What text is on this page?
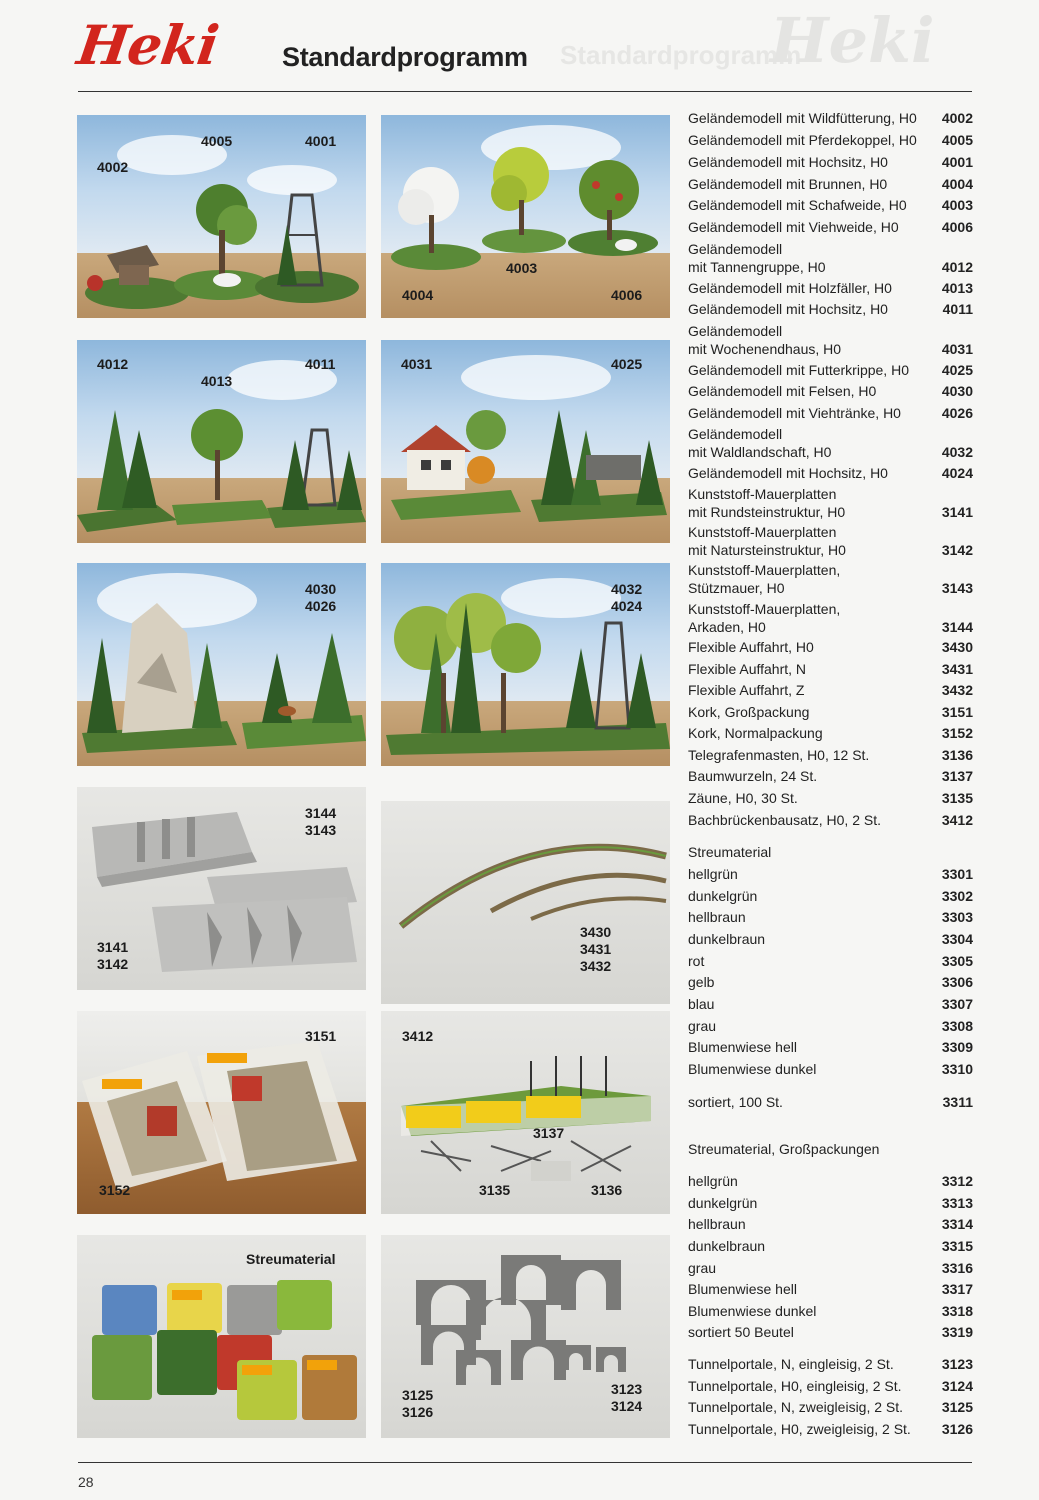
Standardprogramm
Heki
Heki Standardprogramm
4002
4005	4001
4003
4004	4006
4012
4013
4011	4031	4025
4030
4026
4032
4024
3144
3143
3141
3142
3430
3431
3432
3151
3152
3412
3137
3135	3136
Streumaterial
3125
3126
3123
3124
Geländemodell mit Wildfütterung, H0 4002
Geländemodell mit Pferdekoppel, H0 4005
Geländemodell mit Hochsitz, H0	4001
Geländemodell mit Brunnen, H0	4004
Geländemodell mit Schafweide, H0	4003
Geländemodell mit Viehweide, H0	4006
Geländemodell
mit Tannengruppe, H0	4012
Geländemodell mit Holzfäller, H0	4013
Geländemodell mit Hochsitz, H0	4011
Geländemodell
mit Wochenendhaus, H0	4031
Geländemodell mit Futterkrippe, H0 4025
Geländemodell mit Felsen, H0	4030
Geländemodell mit Viehtränke, H0	4026
Geländemodell
mit Waldlandschaft, H0	4032
Geländemodell mit Hochsitz, H0	4024
Kunststoff-Mauerplatten
mit Rundsteinstruktur, H0	3141
Kunststoff-Mauerplatten
mit Natursteinstruktur, H0	3142
Kunststoff-Mauerplatten,
Stützmauer, H0	3143
Kunststoff-Mauerplatten,
Arkaden, H0	3144
Flexible Auffahrt, H0	3430
Flexible Auffahrt, N	3431
Flexible Auffahrt, Z	3432
Kork, Großpackung	3151
Kork, Normalpackung	3152
Telegrafenmasten, H0, 12 St.	3136
Baumwurzeln, 24 St.	3137
Zäune, H0, 30 St.	3135
Bachbrückenbausatz, H0, 2 St.	3412
Streumaterial
hellgrün	3301
dunkelgrün	3302
hellbraun	3303
dunkelbraun	3304
rot	3305
gelb	3306
blau	3307
grau	3308
Blumenwiese hell	3309
Blumenwiese dunkel	3310
sortiert, 100 St.	3311
Streumaterial, Großpackungen
hellgrün	3312
dunkelgrün	3313
hellbraun	3314
dunkelbraun	3315
grau	3316
Blumenwiese hell	3317
Blumenwiese dunkel	3318
sortiert 50 Beutel	3319
Tunnelportale, N, eingleisig, 2 St.	3123
Tunnelportale, H0, eingleisig, 2 St.	3124
Tunnelportale, N, zweigleisig, 2 St.	3125
Tunnelportale, H0, zweigleisig, 2 St. 3126
28
